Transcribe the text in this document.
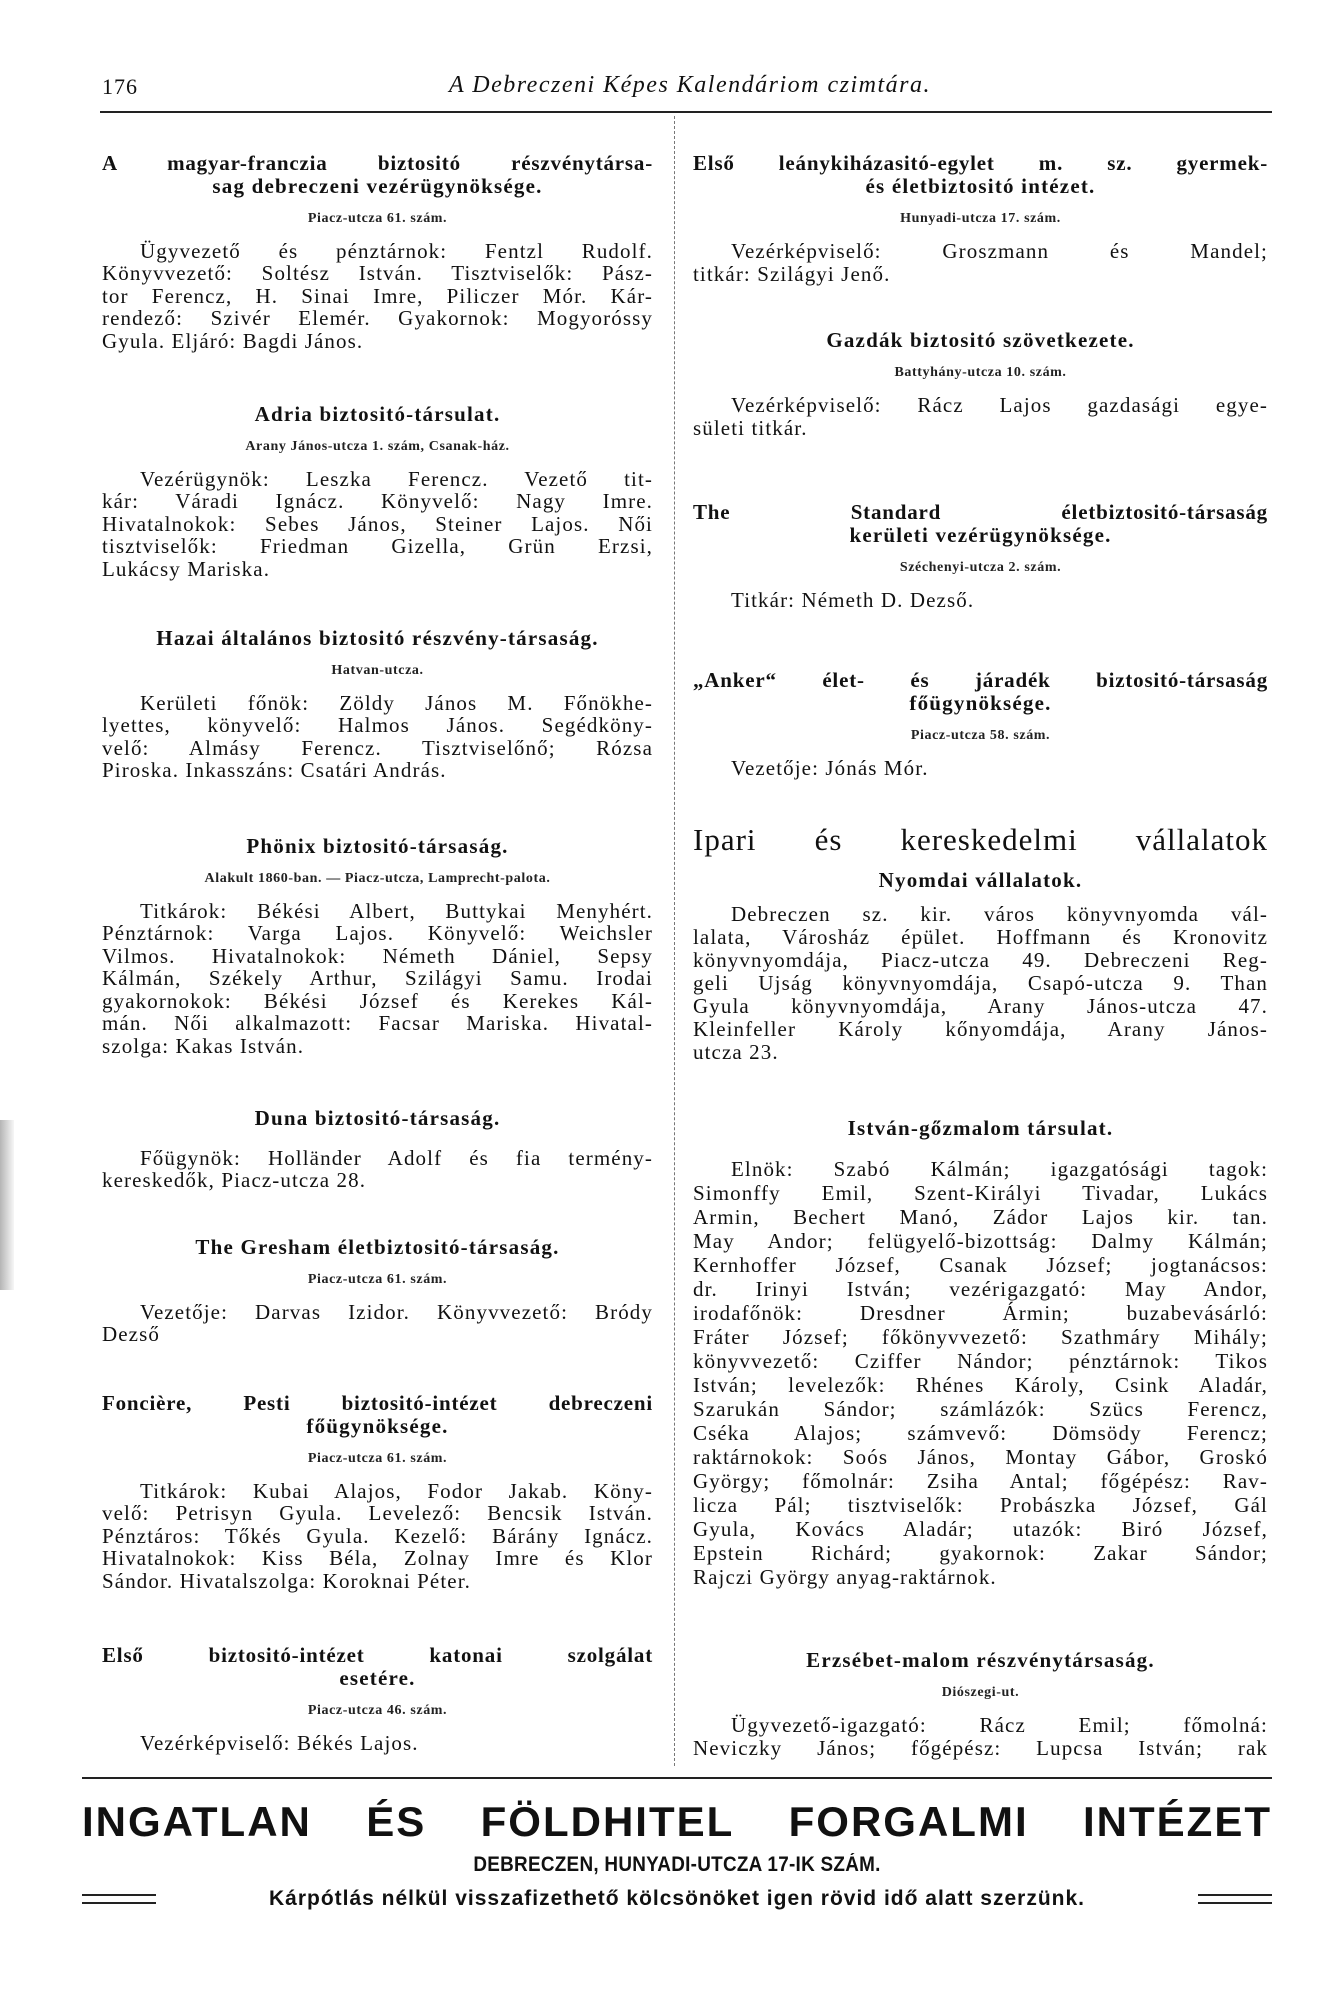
176	A Debreczeni Képes Kalendáriom czimtára.
A magyar-franczia biztositó részvénytársa-
sag debreczeni vezérügynöksége.
Piacz-utcza 61. szám.
Ügyvezető és pénztárnok: Fentzl Rudolf.
Könyvvezető: Soltész István. Tisztviselők: Pász-
tor Ferencz, H. Sinai Imre, Piliczer Mór. Kár-
rendező: Szivér Elemér. Gyakornok: Mogyoróssy
Gyula. Eljáró: Bagdi János.
Adria biztositó-társulat.
Arany János-utcza 1. szám, Csanak-ház.
Vezérügynök: Leszka Ferencz. Vezető tit-
kár: Váradi Ignácz. Könyvelő: Nagy Imre.
Hivatalnokok: Sebes János, Steiner Lajos. Női
tisztviselők: Friedman Gizella, Grün Erzsi,
Lukácsy Mariska.
Hazai általános biztositó részvény-társaság.
Hatvan-utcza.
Kerületi főnök: Zöldy János M. Főnökhe-
lyettes, könyvelő: Halmos János. Segédköny-
velő: Almásy Ferencz. Tisztviselőnő; Rózsa
Piroska. Inkasszáns: Csatári András.
Phönix biztositó-társaság.
Alakult 1860-ban. — Piacz-utcza, Lamprecht-palota.
Titkárok: Békési Albert, Buttykai Menyhért.
Pénztárnok: Varga Lajos. Könyvelő: Weichsler
Vilmos. Hivatalnokok: Németh Dániel, Sepsy
Kálmán, Székely Arthur, Szilágyi Samu. Irodai
gyakornokok: Békési József és Kerekes Kál-
mán. Női alkalmazott: Facsar Mariska. Hivatal-
szolga: Kakas István.
Duna biztositó-társaság.
Főügynök: Holländer Adolf és fia termény-
kereskedők, Piacz-utcza 28.
The Gresham életbiztositó-társaság.
Piacz-utcza 61. szám.
Vezetője: Darvas Izidor. Könyvvezető: Bródy
Dezső
Foncière, Pesti biztositó-intézet debreczeni
főügynöksége.
Piacz-utcza 61. szám.
Titkárok: Kubai Alajos, Fodor Jakab. Köny-
velő: Petrisyn Gyula. Levelező: Bencsik István.
Pénztáros: Tőkés Gyula. Kezelő: Bárány Ignácz.
Hivatalnokok: Kiss Béla, Zolnay Imre és Klor
Sándor. Hivatalszolga: Koroknai Péter.
Első biztositó-intézet katonai szolgálat
esetére.
Piacz-utcza 46. szám.
Vezérképviselő: Békés Lajos.
Első leánykiházasitó-egylet m. sz. gyermek-
és életbiztositó intézet.
Hunyadi-utcza 17. szám.
Vezérképviselő: Groszmann és Mandel;
titkár: Szilágyi Jenő.
Gazdák biztositó szövetkezete.
Battyhány-utcza 10. szám.
Vezérképviselő: Rácz Lajos gazdasági egye-
sületi titkár.
The Standard életbiztositó-társaság
kerületi vezérügynöksége.
Széchenyi-utcza 2. szám.
Titkár: Németh D. Dezső.
„Anker“ élet- és járadék biztositó-társaság
főügynöksége.
Piacz-utcza 58. szám.
Vezetője: Jónás Mór.
Ipari és kereskedelmi vállalatok
Nyomdai vállalatok.
Debreczen sz. kir. város könyvnyomda vál-
lalata, Városház épület. Hoffmann és Kronovitz
könyvnyomdája, Piacz-utcza 49. Debreczeni Reg-
geli Ujság könyvnyomdája, Csapó-utcza 9. Than
Gyula könyvnyomdája, Arany János-utcza 47.
Kleinfeller Károly kőnyomdája, Arany János-
utcza 23.
István-gőzmalom társulat.
Elnök: Szabó Kálmán; igazgatósági tagok:
Simonffy Emil, Szent-Királyi Tivadar, Lukács
Armin, Bechert Manó, Zádor Lajos kir. tan.
May Andor; felügyelő-bizottság: Dalmy Kálmán;
Kernhoffer József, Csanak József; jogtanácsos:
dr. Irinyi István; vezérigazgató: May Andor,
irodafőnök: Dresdner Ármin; buzabevásárló:
Fráter József; főkönyvvezető: Szathmáry Mihály;
könyvvezető: Cziffer Nándor; pénztárnok: Tikos
István; levelezők: Rhénes Károly, Csink Aladár,
Szarukán Sándor; számlázók: Szücs Ferencz,
Cséka Alajos; számvevő: Dömsödy Ferencz;
raktárnokok: Soós János, Montay Gábor, Groskó
György; főmolnár: Zsiha Antal; főgépész: Rav-
licza Pál; tisztviselők: Probászka József, Gál
Gyula, Kovács Aladár; utazók: Biró József,
Epstein Richárd; gyakornok: Zakar Sándor;
Rajczi György anyag-raktárnok.
Erzsébet-malom részvénytársaság.
Diószegi-ut.
Ügyvezető-igazgató: Rácz Emil; főmolná:
Neviczky János; főgépész: Lupcsa István; rak
INGATLAN ÉS FÖLDHITEL FORGALMI INTÉZET
DEBRECZEN, HUNYADI-UTCZA 17-IK SZÁM.
Kárpótlás nélkül visszafizethető kölcsönöket igen rövid idő alatt szerzünk.
